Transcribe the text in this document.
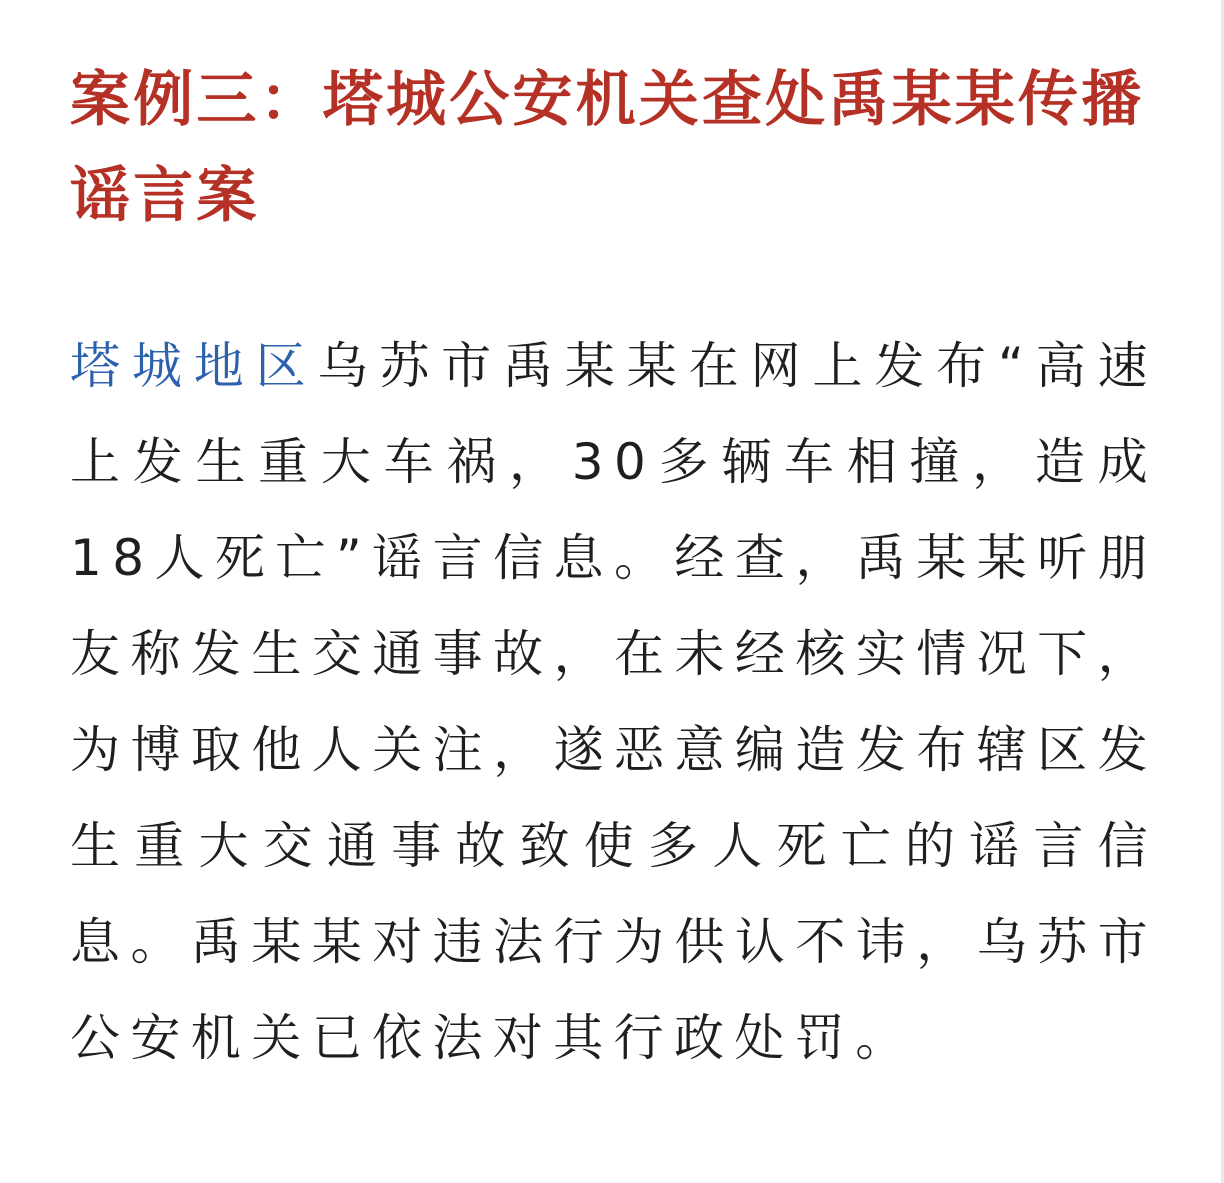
案例三：塔城公安机关查处禹某某传播谣言案

塔城地区乌苏市禹某某在网上发布“高速上发生重大车祸，30多辆车相撞，造成18人死亡”谣言信息。经查，禹某某听朋友称发生交通事故，在未经核实情况下，为博取他人关注，遂恶意编造发布辖区发生重大交通事故致使多人死亡的谣言信息。禹某某对违法行为供认不讳，乌苏市公安机关已依法对其行政处罚。
